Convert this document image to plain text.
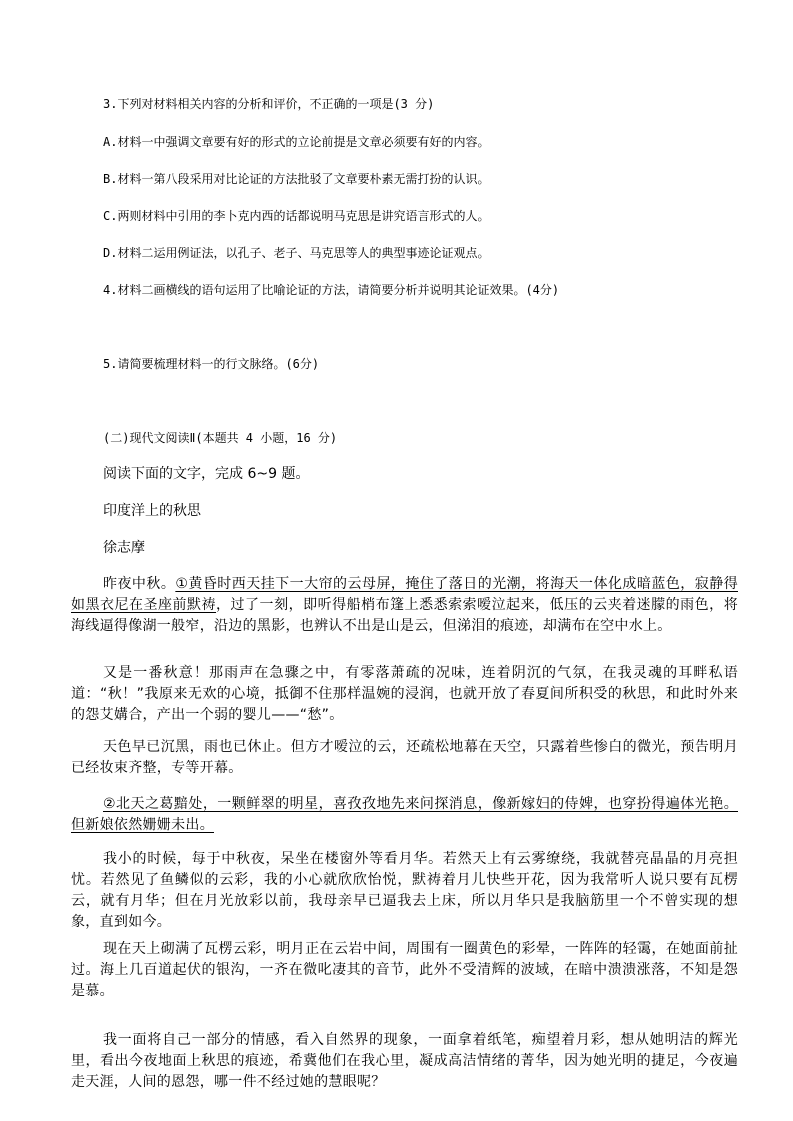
3.下列对材料相关内容的分析和评价，不正确的一项是(3 分)
A.材料一中强调文章要有好的形式的立论前提是文章必须要有好的内容。
B.材料一第八段采用对比论证的方法批驳了文章要朴素无需打扮的认识。
C.两则材料中引用的李卜克内西的话都说明马克思是讲究语言形式的人。
D.材料二运用例证法，以孔子、老子、马克思等人的典型事迹论证观点。
4.材料二画横线的语句运用了比喻论证的方法，请简要分析并说明其论证效果。(4分)
5.请简要梳理材料一的行文脉络。(6分)
(二)现代文阅读Ⅱ(本题共 4 小题，16 分)
阅读下面的文字，完成 6~9 题。
印度洋上的秋思
徐志摩
昨夜中秋。①黄昏时西天挂下一大帘的云母屏，掩住了落日的光潮，将海天一体化成暗蓝色，寂静得如黑衣尼在圣座前默祷，过了一刻，即听得船梢布篷上悉悉索索嗳泣起来，低压的云夹着迷朦的雨色，将海线逼得像湖一般窄，沿边的黑影，也辨认不出是山是云，但涕泪的痕迹，却满布在空中水上。
又是一番秋意！那雨声在急骤之中，有零落萧疏的况味，连着阴沉的气氛，在我灵魂的耳畔私语道：“秋！”我原来无欢的心境，抵御不住那样温婉的浸润，也就开放了春夏间所积受的秋思，和此时外来的怨艾媾合，产出一个弱的婴儿——“愁”。
天色早已沉黑，雨也已休止。但方才嗳泣的云，还疏松地幕在天空，只露着些惨白的微光，预告明月已经妆束齐整，专等开幕。
②北天之葛黯处，一颗鲜翠的明星，喜孜孜地先来问探消息，像新嫁妇的侍婢，也穿扮得遍体光艳。但新娘依然姗姗未出。
我小的时候，每于中秋夜，呆坐在楼窗外等看月华。若然天上有云雾缭绕，我就替亮晶晶的月亮担忧。若然见了鱼鳞似的云彩，我的小心就欣欣怡悦，默祷着月儿快些开花，因为我常听人说只要有瓦楞云，就有月华；但在月光放彩以前，我母亲早已逼我去上床，所以月华只是我脑筋里一个不曾实现的想象，直到如今。
现在天上砌满了瓦楞云彩，明月正在云岩中间，周围有一圈黄色的彩晕，一阵阵的轻霭，在她面前扯过。海上几百道起伏的银沟，一齐在微叱凄其的音节，此外不受清辉的波域，在暗中溃溃涨落，不知是怨是慕。
我一面将自己一部分的情感，看入自然界的现象，一面拿着纸笔，痴望着月彩，想从她明洁的辉光里，看出今夜地面上秋思的痕迹，希冀他们在我心里，凝成高洁情绪的菁华，因为她光明的捷足，今夜遍走天涯，人间的恩怨，哪一件不经过她的慧眼呢？
